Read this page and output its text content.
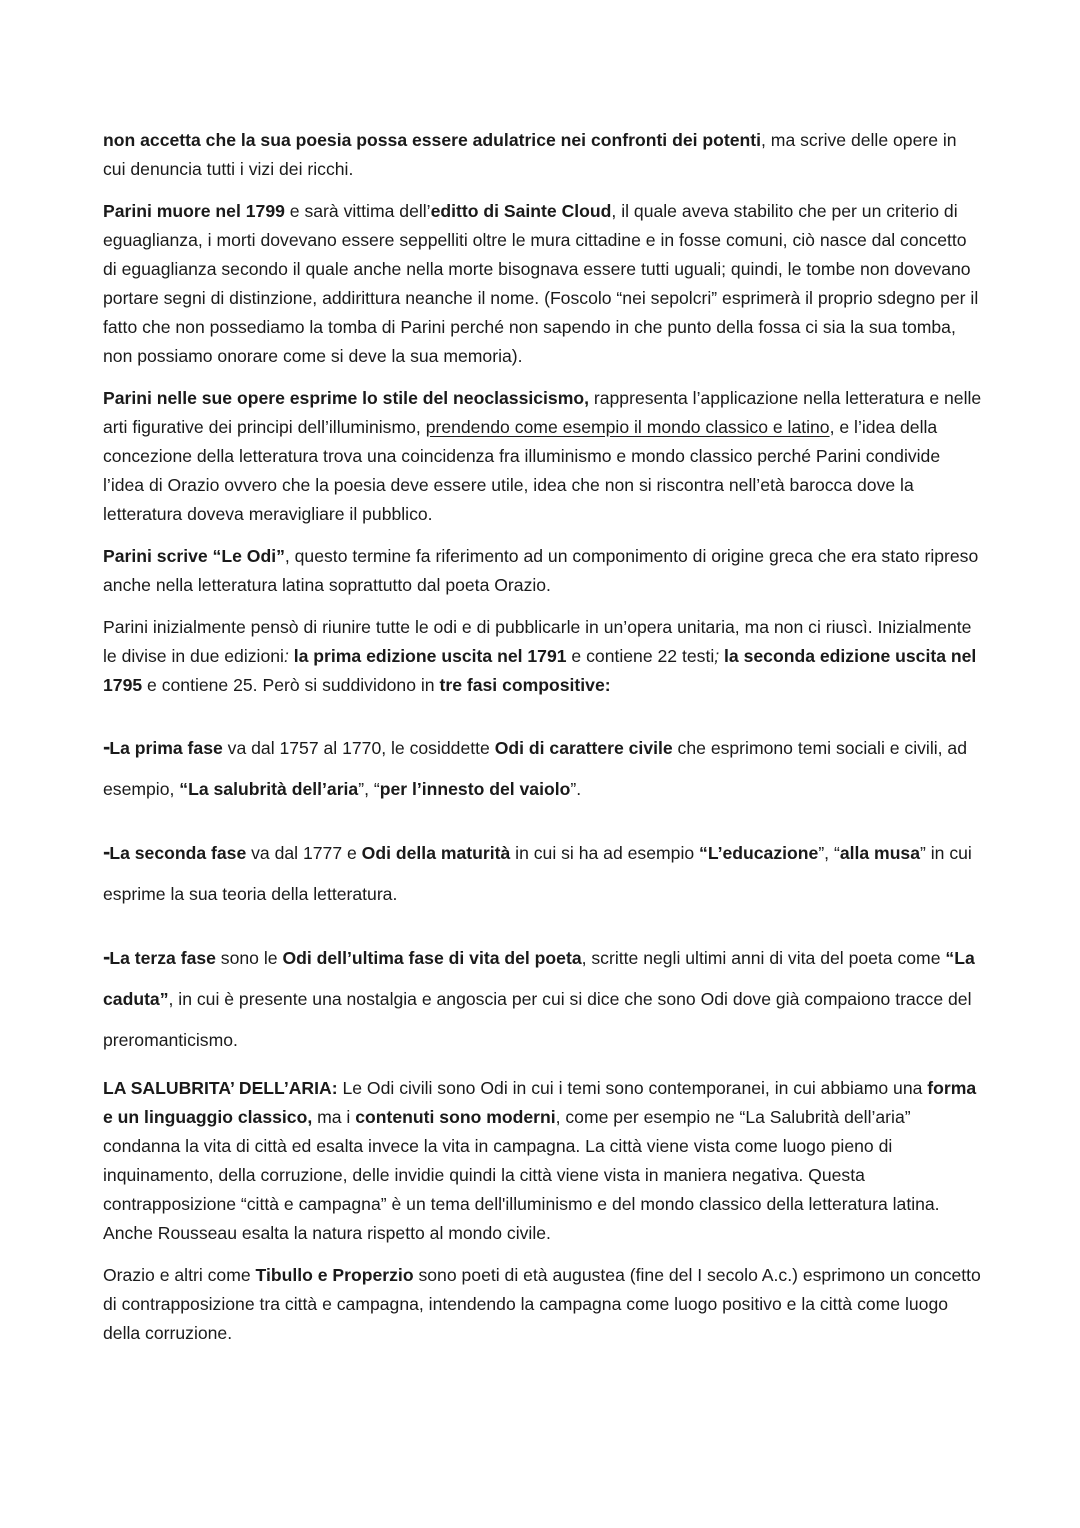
non accetta che la sua poesia possa essere adulatrice nei confronti dei potenti, ma scrive delle opere in cui denuncia tutti i vizi dei ricchi.

Parini muore nel 1799 e sarà vittima dell’editto di Sainte Cloud, il quale aveva stabilito che per un criterio di eguaglianza, i morti dovevano essere seppelliti oltre le mura cittadine e in fosse comuni, ciò nasce dal concetto di eguaglianza secondo il quale anche nella morte bisognava essere tutti uguali; quindi, le tombe non dovevano portare segni di distinzione, addirittura neanche il nome. (Foscolo “nei sepolcri” esprimerà il proprio sdegno per il fatto che non possediamo la tomba di Parini perché non sapendo in che punto della fossa ci sia la sua tomba, non possiamo onorare come si deve la sua memoria).

Parini nelle sue opere esprime lo stile del neoclassicismo, rappresenta l’applicazione nella letteratura e nelle arti figurative dei principi dell’illuminismo, prendendo come esempio il mondo classico e latino, e l’idea della concezione della letteratura trova una coincidenza fra illuminismo e mondo classico perché Parini condivide l’idea di Orazio ovvero che la poesia deve essere utile, idea che non si riscontra nell’età barocca dove la letteratura doveva meravigliare il pubblico.

Parini scrive “Le Odi”, questo termine fa riferimento ad un componimento di origine greca che era stato ripreso anche nella letteratura latina soprattutto dal poeta Orazio.

Parini inizialmente pensò di riunire tutte le odi e di pubblicarle in un’opera unitaria, ma non ci riuscì. Inizialmente le divise in due edizioni: la prima edizione uscita nel 1791 e contiene 22 testi; la seconda edizione uscita nel 1795 e contiene 25. Però si suddividono in tre fasi compositive:

-La prima fase va dal 1757 al 1770, le cosiddette Odi di carattere civile che esprimono temi sociali e civili, ad esempio, “La salubrità dell’aria”, “per l’innesto del vaiolo”.

-La seconda fase va dal 1777 e Odi della maturità in cui si ha ad esempio “L’educazione”, “alla musa” in cui esprime la sua teoria della letteratura.

-La terza fase sono le Odi dell’ultima fase di vita del poeta, scritte negli ultimi anni di vita del poeta come “La caduta”, in cui è presente una nostalgia e angoscia per cui si dice che sono Odi dove già compaiono tracce del preromanticismo.

LA SALUBRITA’ DELL’ARIA: Le Odi civili sono Odi in cui i temi sono contemporanei, in cui abbiamo una forma e un linguaggio classico, ma i contenuti sono moderni, come per esempio ne “La Salubrità dell’aria” condanna la vita di città ed esalta invece la vita in campagna. La città viene vista come luogo pieno di inquinamento, della corruzione, delle invidie quindi la città viene vista in maniera negativa. Questa contrapposizione “città e campagna” è un tema dell'illuminismo e del mondo classico della letteratura latina. Anche Rousseau esalta la natura rispetto al mondo civile.

Orazio e altri come Tibullo e Properzio sono poeti di età augustea (fine del I secolo A.c.) esprimono un concetto di contrapposizione tra città e campagna, intendendo la campagna come luogo positivo e la città come luogo della corruzione.
